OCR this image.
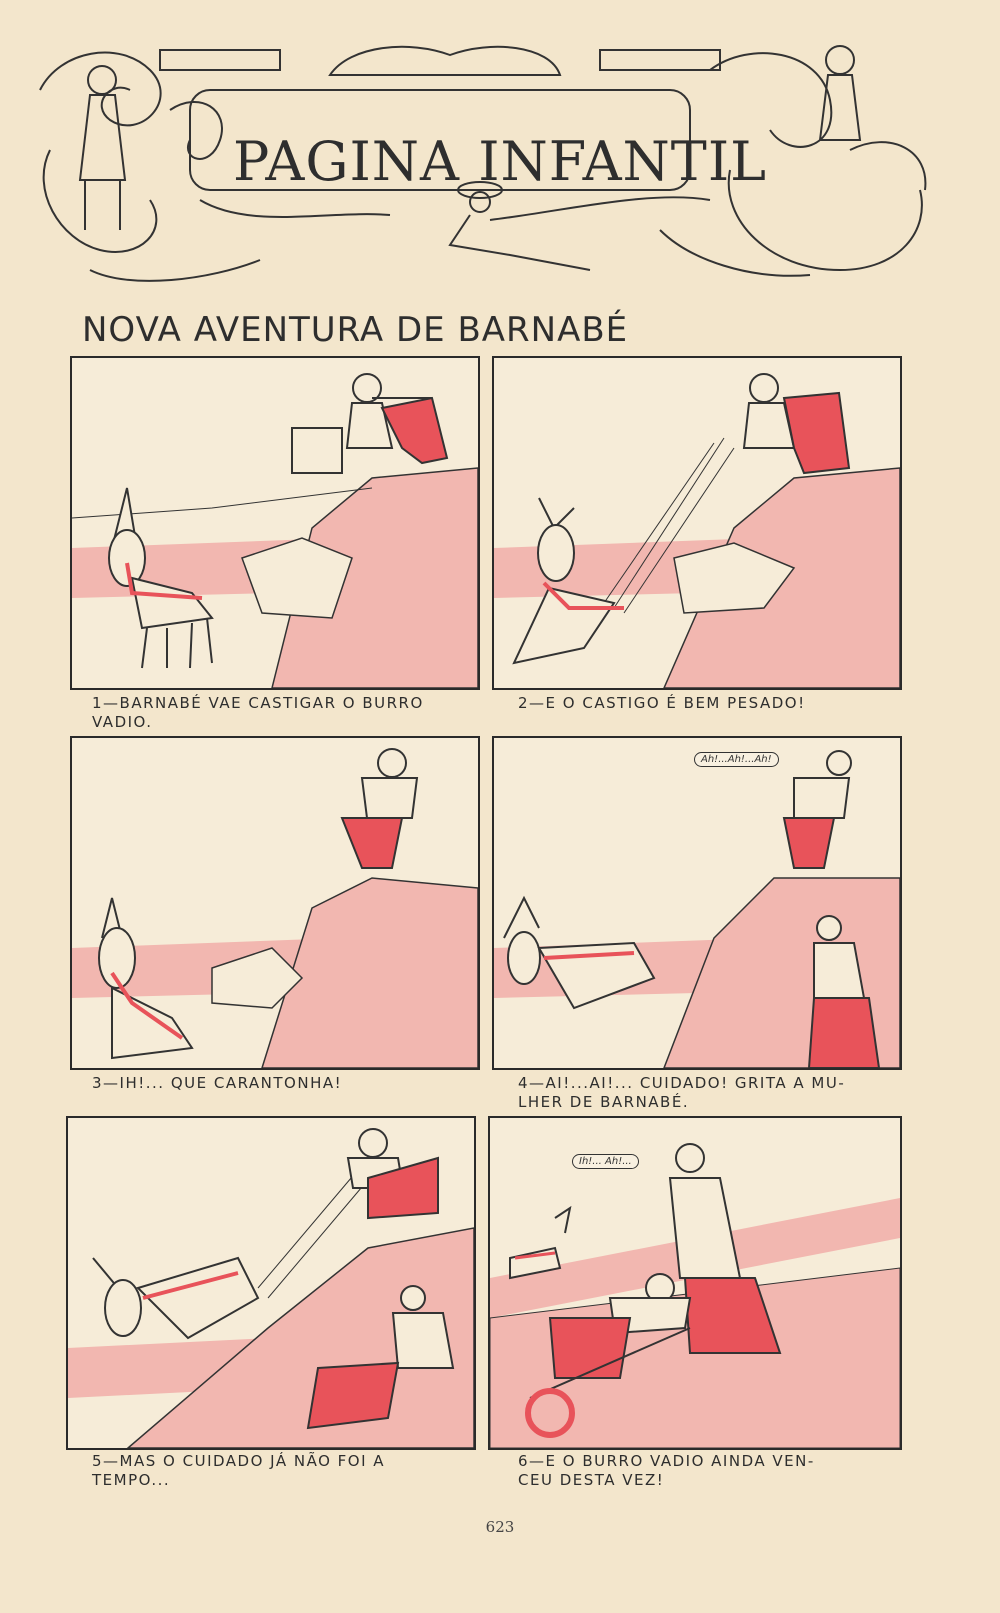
PAGINA INFANTIL
NOVA AVENTURA DE BARNABÉ
1—BARNABÉ VAE CASTIGAR O BURRO
VADIO.
2—E O CASTIGO É BEM PESADO!
3—IH!... QUE CARANTONHA!
Ah!...Ah!...Ah!
4—AI!...AI!... CUIDADO! GRITA A MU-
LHER DE BARNABÉ.
5—MAS O CUIDADO JÁ NÃO FOI A
TEMPO...
Ih!... Ah!...
6—E O BURRO VADIO AINDA VEN-
CEU DESTA VEZ!
623
